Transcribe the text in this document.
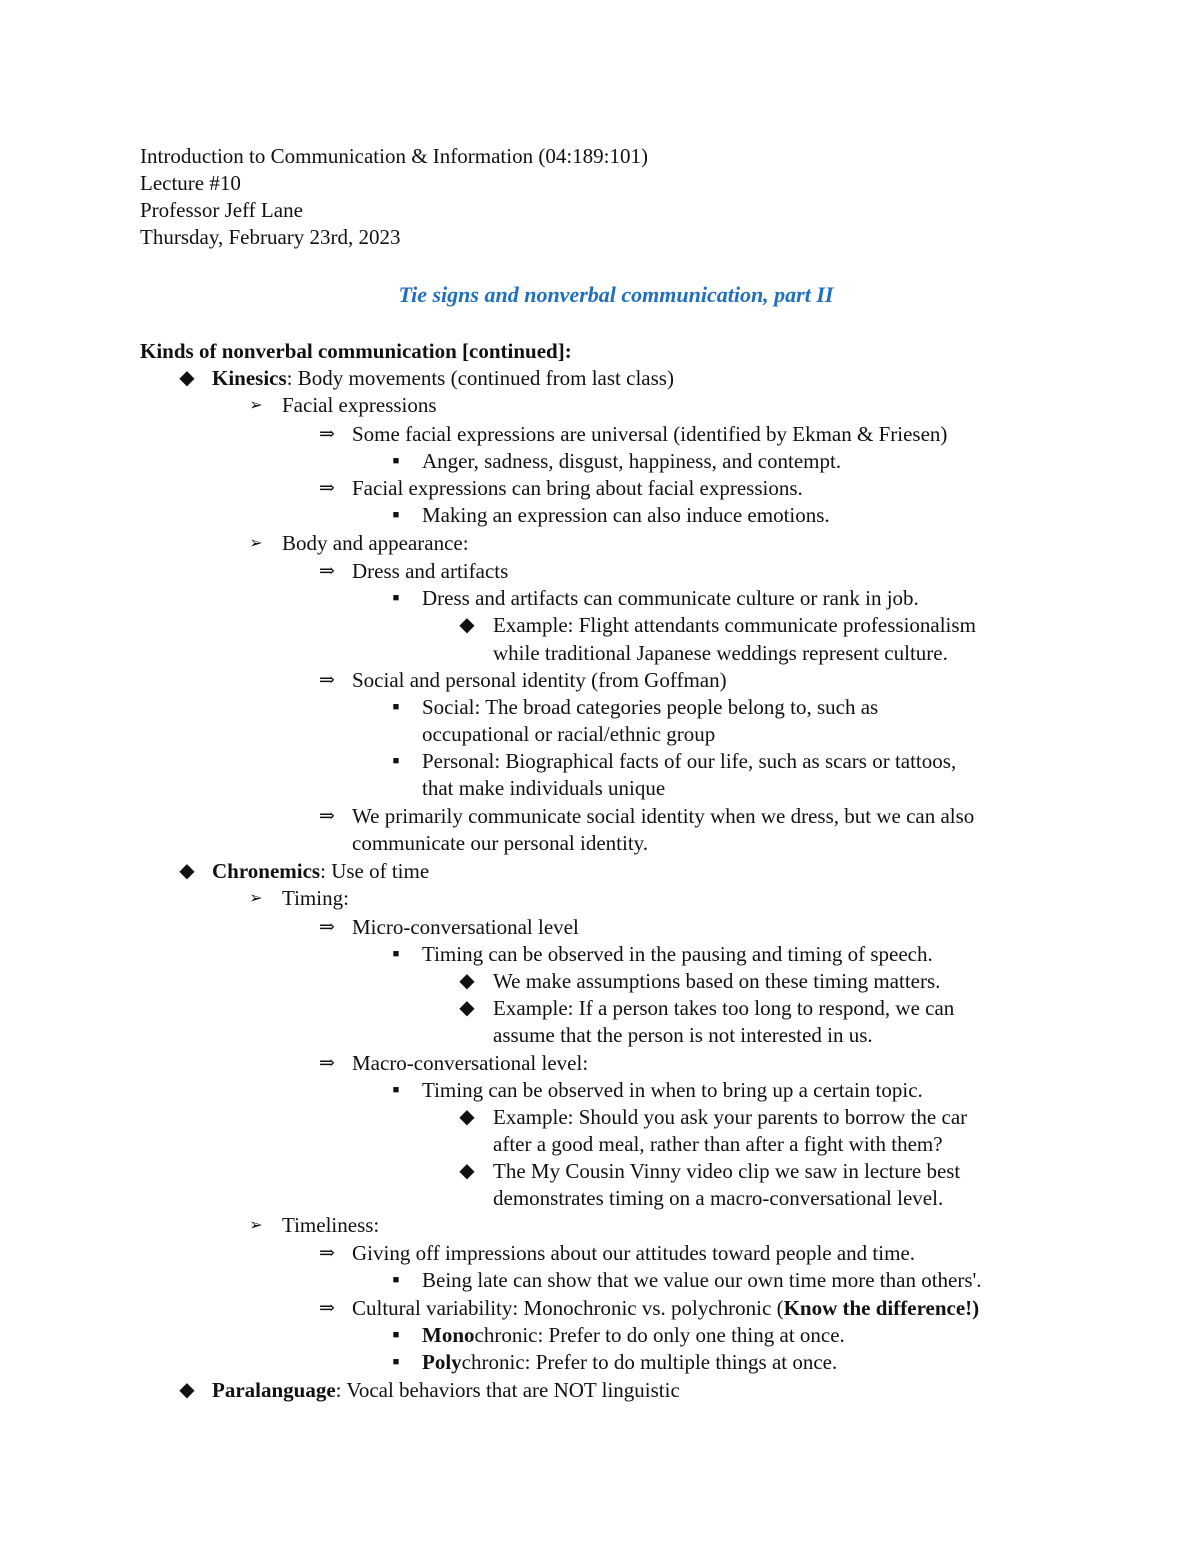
Introduction to Communication & Information (04:189:101)
Lecture #10
Professor Jeff Lane
Thursday, February 23rd, 2023
Tie signs and nonverbal communication, part II
Kinds of nonverbal communication [continued]:
◆ Kinesics: Body movements (continued from last class)
➢ Facial expressions
⇒ Some facial expressions are universal (identified by Ekman & Friesen)
■	Anger, sadness, disgust, happiness, and contempt.
⇒ Facial expressions can bring about facial expressions.
■	Making an expression can also induce emotions.
➢ Body and appearance:
⇒ Dress and artifacts
■	Dress and artifacts can communicate culture or rank in job.
◆ Example: Flight attendants communicate professionalism
while traditional Japanese weddings represent culture.
⇒ Social and personal identity (from Goffman)
■	Social: The broad categories people belong to, such as
occupational or racial/ethnic group
■	Personal: Biographical facts of our life, such as scars or tattoos,
that make individuals unique
⇒ We primarily communicate social identity when we dress, but we can also
communicate our personal identity.
◆ Chronemics: Use of time
➢ Timing:
⇒ Micro-conversational level
■	Timing can be observed in the pausing and timing of speech.
◆ We make assumptions based on these timing matters.
◆ Example: If a person takes too long to respond, we can
assume that the person is not interested in us.
⇒ Macro-conversational level:
■	Timing can be observed in when to bring up a certain topic.
◆ Example: Should you ask your parents to borrow the car
after a good meal, rather than after a fight with them?
◆ The My Cousin Vinny video clip we saw in lecture best
demonstrates timing on a macro-conversational level.
➢ Timeliness:
⇒ Giving off impressions about our attitudes toward people and time.
■	Being late can show that we value our own time more than others'.
⇒ Cultural variability: Monochronic vs. polychronic (Know the difference!)
■	Monochronic: Prefer to do only one thing at once.
■	Polychronic: Prefer to do multiple things at once.
◆ Paralanguage: Vocal behaviors that are NOT linguistic
